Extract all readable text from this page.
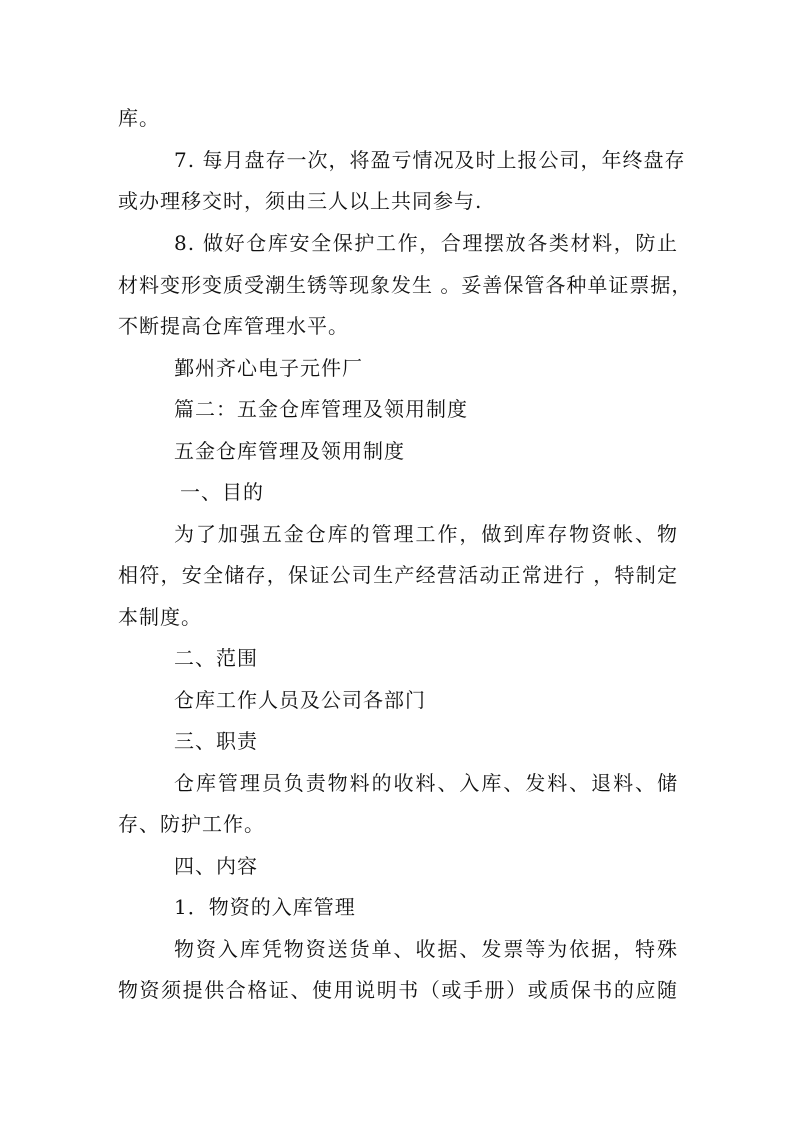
库。
7. 每月盘存一次，将盈亏情况及时上报公司，年终盘存
或办理移交时，须由三人以上共同参与.
8. 做好仓库安全保护工作，合理摆放各类材料，防止
材料变形变质受潮生锈等现象发生 。妥善保管各种单证票据，
不断提高仓库管理水平。
鄞州齐心电子元件厂
篇二：五金仓库管理及领用制度
五金仓库管理及领用制度
一、目的
为了加强五金仓库的管理工作，做到库存物资帐、物
相符，安全储存，保证公司生产经营活动正常进行 ，特制定
本制度。
二、范围
仓库工作人员及公司各部门
三、职责
仓库管理员负责物料的收料、入库、发料、退料、储
存、防护工作。
四、内容
1．物资的入库管理
物资入库凭物资送货单、收据、发票等为依据，特殊
物资须提供合格证、使用说明书（或手册）或质保书的应随
